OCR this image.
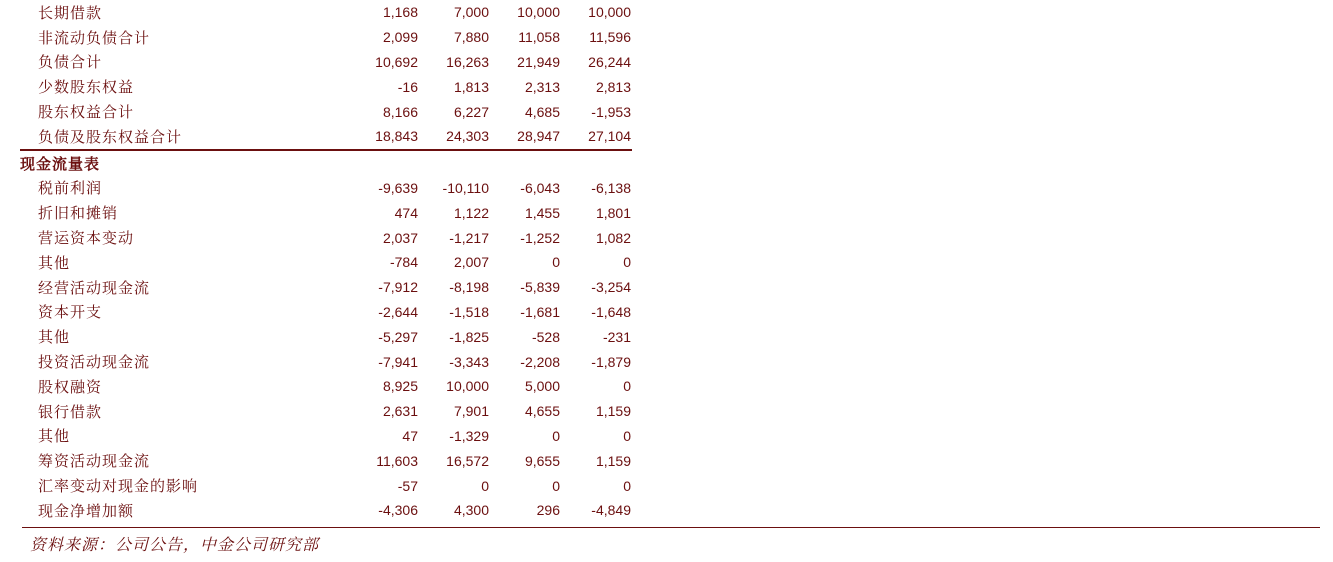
长期借款	1,168	7,000	10,000	10,000
非流动负债合计	2,099	7,880	11,058	11,596
负债合计	10,692	16,263	21,949	26,244
少数股东权益	-16	1,813	2,313	2,813
股东权益合计	8,166	6,227	4,685	-1,953
负债及股东权益合计	18,843	24,303	28,947	27,104
现金流量表
税前利润	-9,639	-10,110	-6,043	-6,138
折旧和摊销	474	1,122	1,455	1,801
营运资本变动	2,037	-1,217	-1,252	1,082
其他	-784	2,007	0	0
经营活动现金流	-7,912	-8,198	-5,839	-3,254
资本开支	-2,644	-1,518	-1,681	-1,648
其他	-5,297	-1,825	-528	-231
投资活动现金流	-7,941	-3,343	-2,208	-1,879
股权融资	8,925	10,000	5,000	0
银行借款	2,631	7,901	4,655	1,159
其他	47	-1,329	0	0
筹资活动现金流	11,603	16,572	9,655	1,159
汇率变动对现金的影响	-57	0	0	0
现金净增加额	-4,306	4,300	296	-4,849
资料来源：公司公告，中金公司研究部
